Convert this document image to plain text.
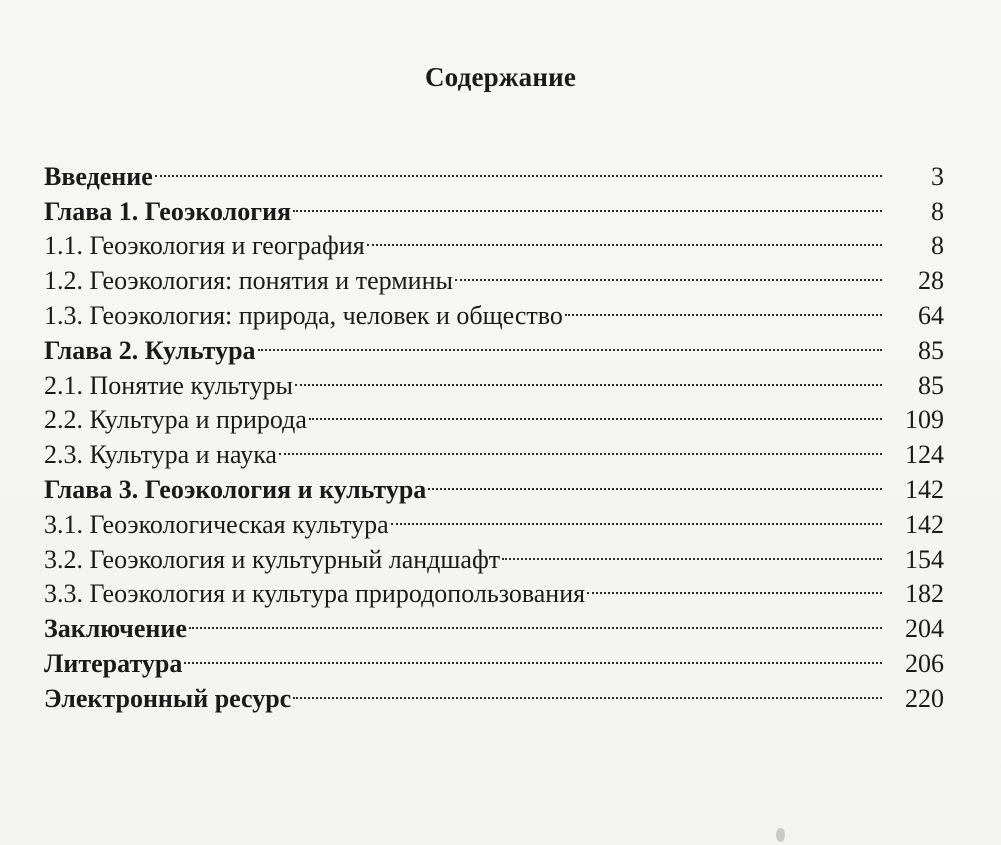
Содержание
Введение	3
Глава 1. Геоэкология	8
1.1. Геоэкология и география	8
1.2. Геоэкология: понятия и термины	28
1.3. Геоэкология: природа, человек и общество	64
Глава 2. Культура	85
2.1. Понятие культуры	85
2.2. Культура и природа	109
2.3. Культура и наука	124
Глава 3. Геоэкология и культура	142
3.1. Геоэкологическая культура	142
3.2. Геоэкология и культурный ландшафт	154
3.3. Геоэкология и культура природопользования	182
Заключение	204
Литература	206
Электронный ресурс	220
